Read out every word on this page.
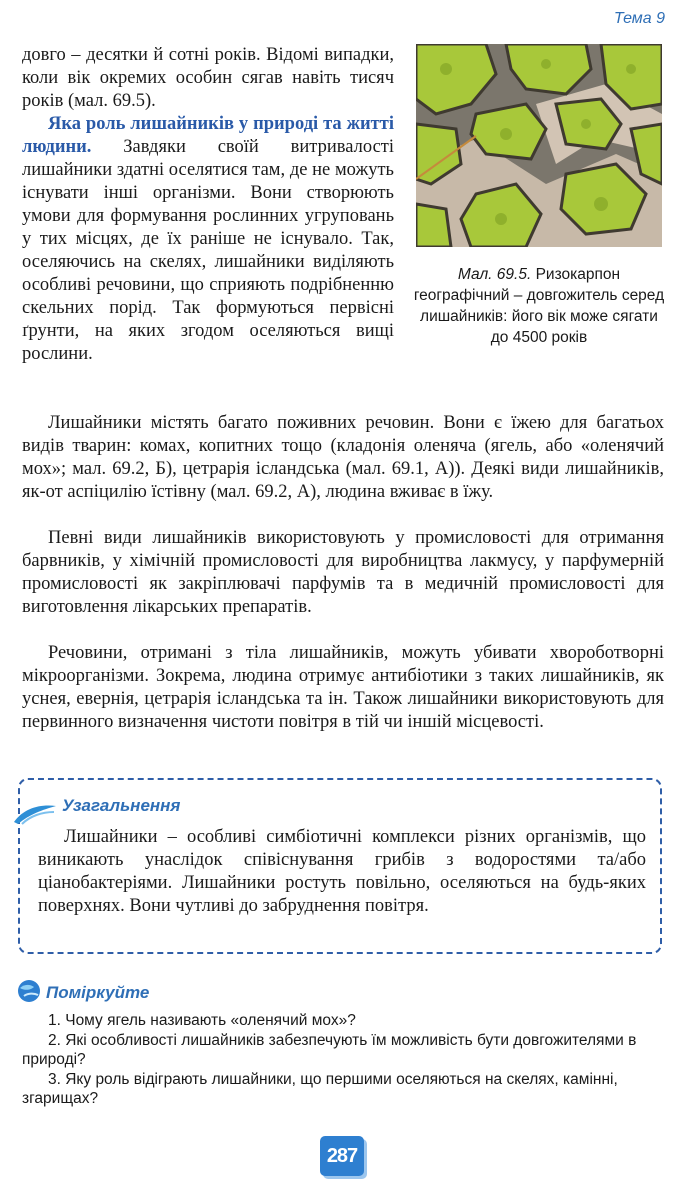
Тема 9

довго – десятки й сотні років. Відомі випадки, коли вік окремих особин сягав навіть тисяч років (мал. 69.5).

Яка роль лишайників у природі та житті людини. Завдяки своїй витривалості лишайники здатні оселятися там, де не можуть існувати інші організми. Вони створюють умови для формування рослинних угруповань у тих місцях, де їх раніше не існувало. Так, оселяючись на скелях, лишайники виділяють особливі речовини, що сприяють подрібненню скельних порід. Так формуються первісні ґрунти, на яких згодом оселяються вищі рослини.

Мал. 69.5. Ризокарпон географічний – довгожитель серед лишайників: його вік може сягати до 4500 років

Лишайники містять багато поживних речовин. Вони є їжею для багатьох видів тварин: комах, копитних тощо (кладонія оленяча (ягель, або «оленячий мох»; мал. 69.2, Б), цетрарія ісландська (мал. 69.1, А)). Деякі види лишайників, як-от аспіцилію їстівну (мал. 69.2, А), людина вживає в їжу.

Певні види лишайників використовують у промисловості для отримання барвників, у хімічній промисловості для виробництва лакмусу, у парфумерній промисловості як закріплювачі парфумів та в медичній промисловості для виготовлення лікарських препаратів.

Речовини, отримані з тіла лишайників, можуть убивати хвороботворні мікроорганізми. Зокрема, людина отримує антибіотики з таких лишайників, як уснея, евернія, цетрарія ісландська та ін. Також лишайники використовують для первинного визначення чистоти повітря в тій чи іншій місцевості.

Узагальнення

Лишайники – особливі симбіотичні комплекси різних організмів, що виникають унаслідок співіснування грибів з водоростями та/або ціанобактеріями. Лишайники ростуть повільно, оселяються на будь-яких поверхнях. Вони чутливі до забруднення повітря.

Поміркуйте
1. Чому ягель називають «оленячий мох»?
2. Які особливості лишайників забезпечують їм можливість бути довгожителями в природі?
3. Яку роль відіграють лишайники, що першими оселяються на скелях, камінні, згарищах?
287
